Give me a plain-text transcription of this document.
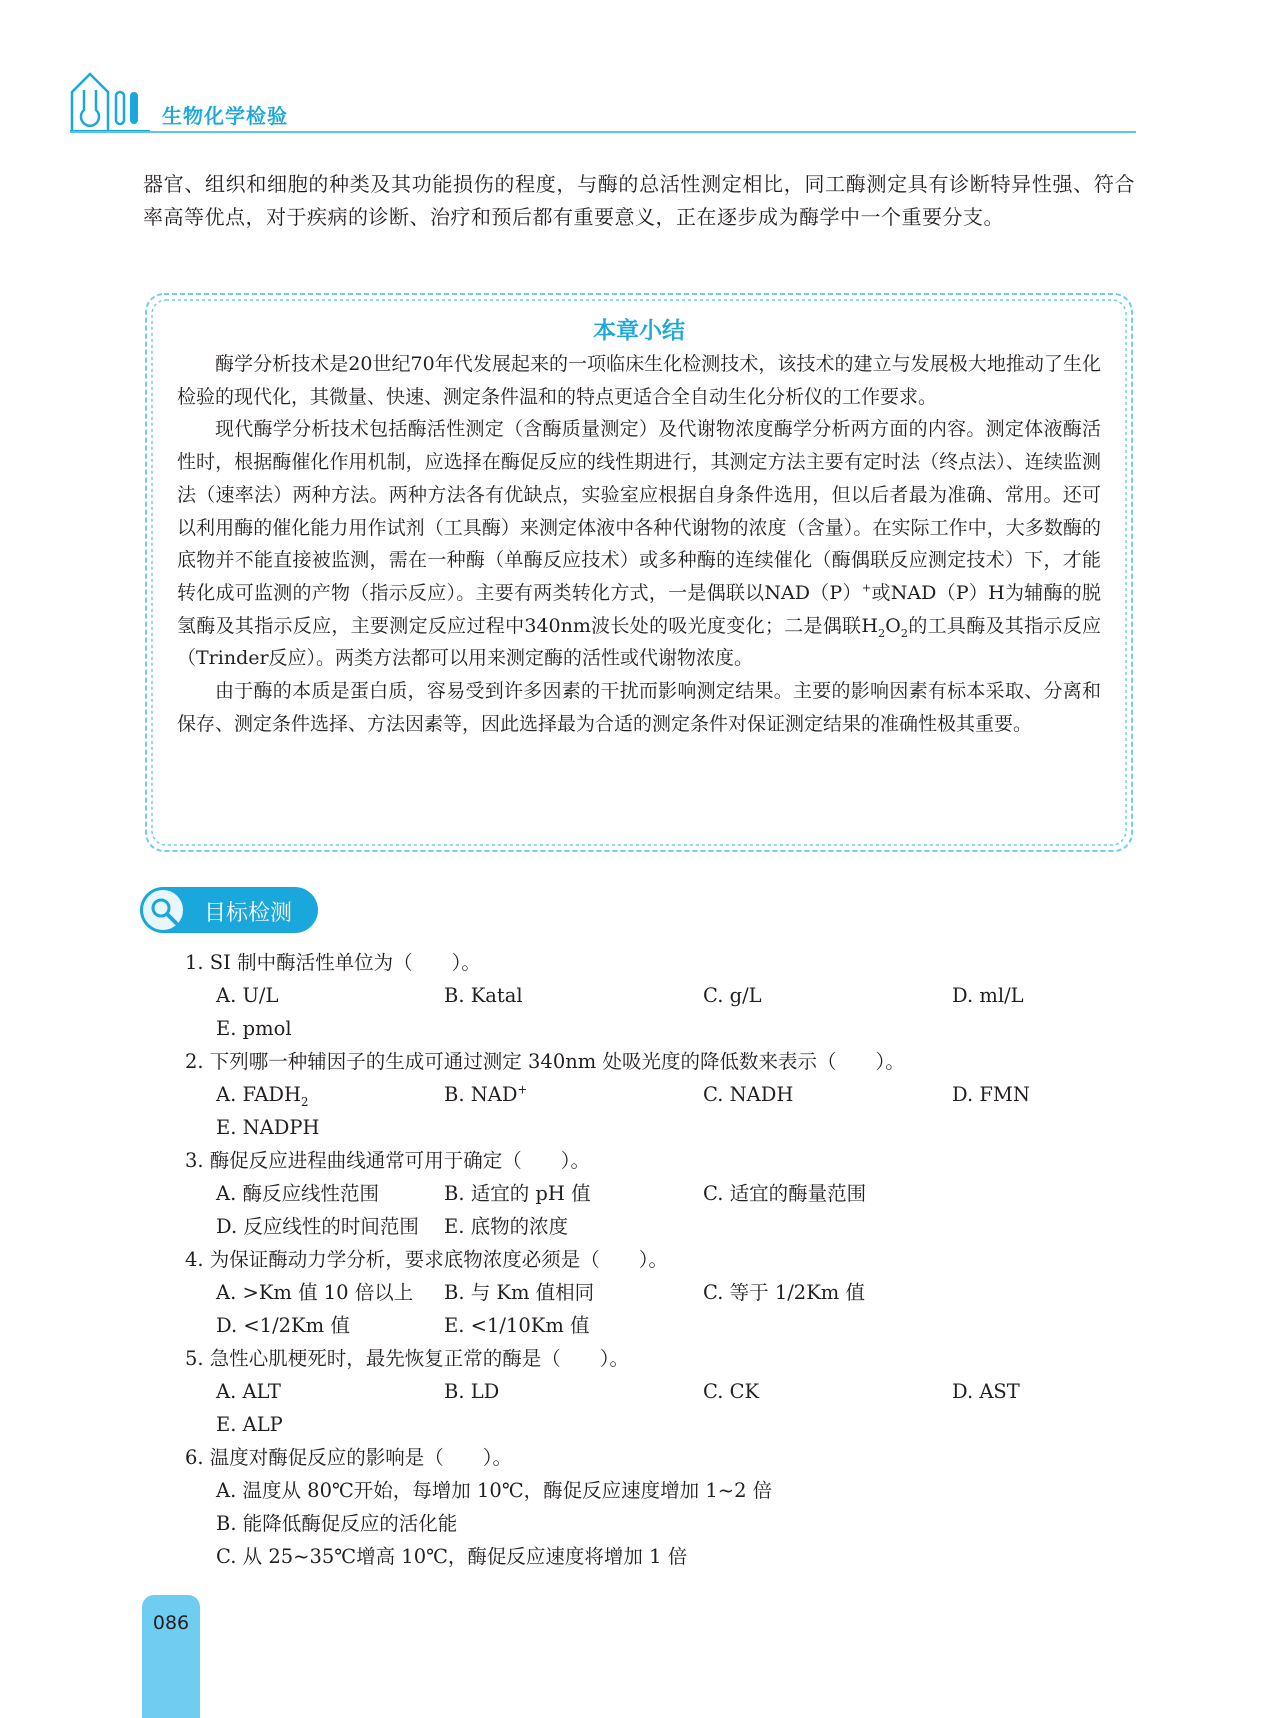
生物化学检验

器官、组织和细胞的种类及其功能损伤的程度，与酶的总活性测定相比，同工酶测定具有诊断特异性强、符合率高等优点，对于疾病的诊断、治疗和预后都有重要意义，正在逐步成为酶学中一个重要分支。

本章小结

酶学分析技术是20世纪70年代发展起来的一项临床生化检测技术，该技术的建立与发展极大地推动了生化检验的现代化，其微量、快速、测定条件温和的特点更适合全自动生化分析仪的工作要求。

现代酶学分析技术包括酶活性测定（含酶质量测定）及代谢物浓度酶学分析两方面的内容。测定体液酶活性时，根据酶催化作用机制，应选择在酶促反应的线性期进行，其测定方法主要有定时法（终点法）、连续监测法（速率法）两种方法。两种方法各有优缺点，实验室应根据自身条件选用，但以后者最为准确、常用。还可以利用酶的催化能力用作试剂（工具酶）来测定体液中各种代谢物的浓度（含量）。在实际工作中，大多数酶的底物并不能直接被监测，需在一种酶（单酶反应技术）或多种酶的连续催化（酶偶联反应测定技术）下，才能转化成可监测的产物（指示反应）。主要有两类转化方式，一是偶联以NAD（P）+或NAD（P）H为辅酶的脱氢酶及其指示反应，主要测定反应过程中340nm波长处的吸光度变化；二是偶联$H_2O_2$的工具酶及其指示反应（Trinder反应）。两类方法都可以用来测定酶的活性或代谢物浓度。

由于酶的本质是蛋白质，容易受到许多因素的干扰而影响测定结果。主要的影响因素有标本采取、分离和保存、测定条件选择、方法因素等，因此选择最为合适的测定条件对保证测定结果的准确性极其重要。

目标检测
1. SI 制中酶活性单位为（　　）。
A. U/L	B. Katal	C. g/L	D. ml/L
E. pmol
2. 下列哪一种辅因子的生成可通过测定 340nm 处吸光度的降低数来表示（　　）。
A. $FADH_2$	B. NAD+	C. NADH	D. FMN
E. NADPH
3. 酶促反应进程曲线通常可用于确定（　　）。
A. 酶反应线性范围	B. 适宜的 pH 值	C. 适宜的酶量范围
D. 反应线性的时间范围 E. 底物的浓度
4. 为保证酶动力学分析，要求底物浓度必须是（　　）。
A. >Km 值 10 倍以上 B. 与 Km 值相同	C. 等于 1/2Km 值
D. <1/2Km 值	E. <1/10Km 值
5. 急性心肌梗死时，最先恢复正常的酶是（　　）。
A. ALT	B. LD	C. CK	D. AST
E. ALP
6. 温度对酶促反应的影响是（　　）。
A. 温度从 80℃开始，每增加 10℃，酶促反应速度增加 1~2 倍
B. 能降低酶促反应的活化能
C. 从 25~35℃增高 10℃，酶促反应速度将增加 1 倍
086
